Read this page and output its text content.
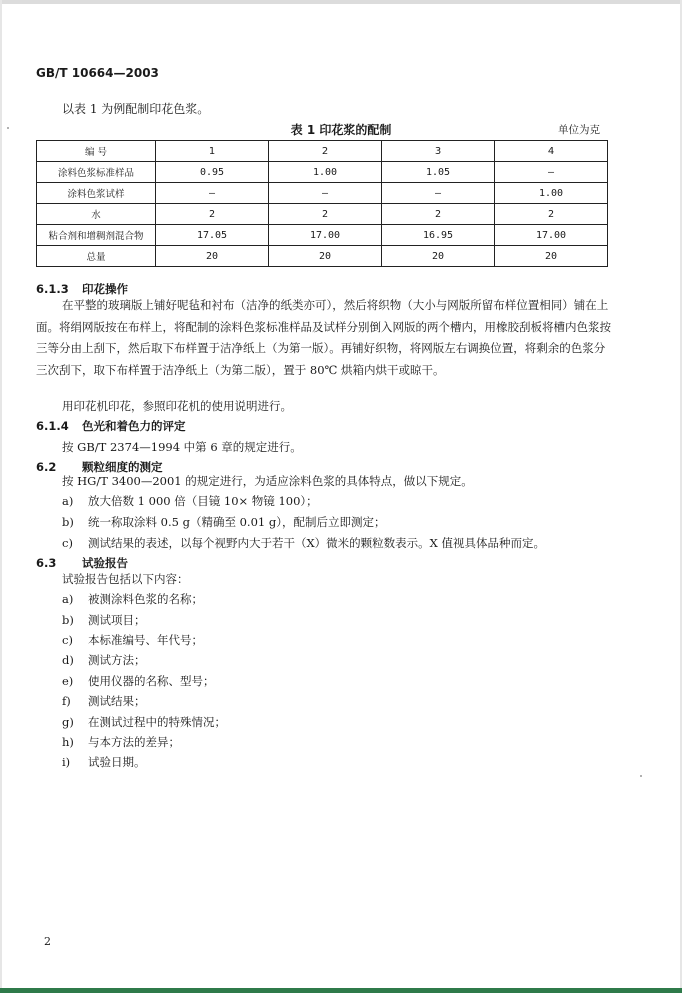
GB/T 10664—2003
以表 1 为例配制印花色浆。
表 1 印花浆的配制	单位为克
编 号	1	2	3	4
涂料色浆标准样品	0.95	1.00	1.05	—
涂料色浆试样	—	—	—	1.00
水	2	2	2	2
粘合剂和增稠剂混合物	17.05	17.00	16.95	17.00
总量	20	20	20	20
6.1.3 印花操作
在平整的玻璃版上铺好呢毡和衬布（洁净的纸类亦可），然后将织物（大小与网版所留布样位置相同）铺在上面。将绢网版按在布样上，将配制的涂料色浆标准样品及试样分别倒入网版的两个槽内，用橡胶刮板将槽内色浆按三等分由上刮下，然后取下布样置于洁净纸上（为第一版）。再铺好织物，将网版左右调换位置，将剩余的色浆分三次刮下，取下布样置于洁净纸上（为第二版），置于 80℃ 烘箱内烘干或晾干。
用印花机印花，参照印花机的使用说明进行。
6.1.4 色光和着色力的评定
按 GB/T 2374—1994 中第 6 章的规定进行。
6.2 颗粒细度的测定
按 HG/T 3400—2001 的规定进行，为适应涂料色浆的具体特点，做以下规定。
a) 放大倍数 1 000 倍（目镜 10× 物镜 100）；
b) 统一称取涂料 0.5 g（精确至 0.01 g），配制后立即测定；
c) 测试结果的表述，以每个视野内大于若干（X）微米的颗粒数表示。X 值视具体品种而定。
6.3 试验报告
试验报告包括以下内容：
a) 被测涂料色浆的名称；
b) 测试项目；
c) 本标准编号、年代号；
d) 测试方法；
e) 使用仪器的名称、型号；
f) 测试结果；
g) 在测试过程中的特殊情况；
h) 与本方法的差异；
i) 试验日期。
2
